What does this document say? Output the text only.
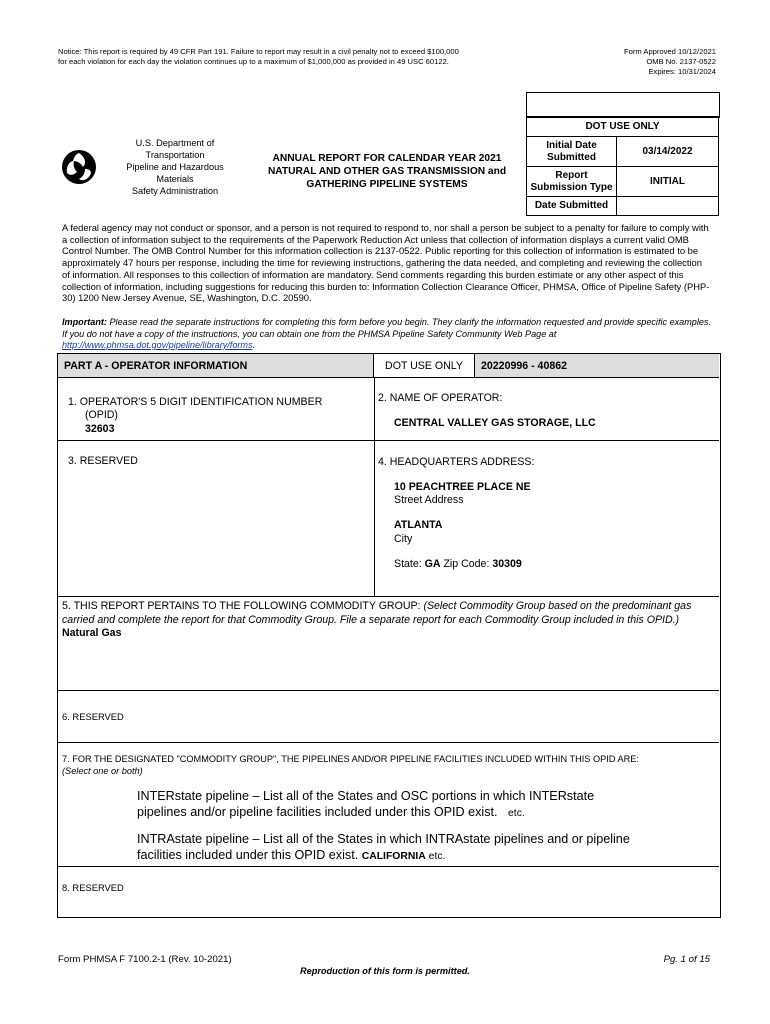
Notice: This report is required by 49 CFR Part 191. Failure to report may result in a civil penalty not to exceed $100,000
for each violation for each day the violation continues up to a maximum of $1,000,000 as provided in 49 USC 60122.
Form Approved 10/12/2021
OMB No. 2137-0522
Expires: 10/31/2024
U.S. Department of
Transportation
Pipeline and Hazardous
Materials
Safety Administration
ANNUAL REPORT FOR CALENDAR YEAR 2021
NATURAL AND OTHER GAS TRANSMISSION and
GATHERING PIPELINE SYSTEMS
DOT USE ONLY	

Initial Date
Submitted	03/14/2022

Report
Submission Type	INITIAL
Date Submitted	
A federal agency may not conduct or sponsor, and a person is not required to respond to, nor shall a person be subject to a penalty for failure to comply with a collection of information subject to the requirements of the Paperwork Reduction Act unless that collection of information displays a current valid OMB Control Number. The OMB Control Number for this information collection is 2137-0522. Public reporting for this collection of information is estimated to be approximately 47 hours per response, including the time for reviewing instructions, gathering the data needed, and completing and reviewing the collection of information. All responses to this collection of information are mandatory. Send comments regarding this burden estimate or any other aspect of this collection of information, including suggestions for reducing this burden to: Information Collection Clearance Officer, PHMSA, Office of Pipeline Safety (PHP-30) 1200 New Jersey Avenue, SE, Washington, D.C. 20590.
Important: Please read the separate instructions for completing this form before you begin. They clarify the information requested and provide specific examples. If you do not have a copy of the instructions, you can obtain one from the PHMSA Pipeline Safety Community Web Page at http://www.phmsa.dot.gov/pipeline/library/forms.
PART A - OPERATOR INFORMATION	DOT USE ONLY	20220996 - 40862
1. OPERATOR'S 5 DIGIT IDENTIFICATION NUMBER
(OPID)
32603
2. NAME OF OPERATOR:
CENTRAL VALLEY GAS STORAGE, LLC
3. RESERVED	4. HEADQUARTERS ADDRESS:
10 PEACHTREE PLACE NE
Street Address
ATLANTA
City
State: GA Zip Code: 30309
5. THIS REPORT PERTAINS TO THE FOLLOWING COMMODITY GROUP: (Select Commodity Group based on the predominant gas carried and complete the report for that Commodity Group. File a separate report for each Commodity Group included in this OPID.)
Natural Gas
6. RESERVED
7. FOR THE DESIGNATED "COMMODITY GROUP", THE PIPELINES AND/OR PIPELINE FACILITIES INCLUDED WITHIN THIS OPID ARE:
(Select one or both)
INTERstate pipeline – List all of the States and OSC portions in which INTERstate
pipelines and/or pipeline facilities included under this OPID exist. etc.
INTRAstate pipeline – List all of the States in which INTRAstate pipelines and or pipeline
facilities included under this OPID exist. CALIFORNIA etc.
8. RESERVED
Form PHMSA F 7100.2-1 (Rev. 10-2021)
Reproduction of this form is permitted.
Pg. 1 of 15
